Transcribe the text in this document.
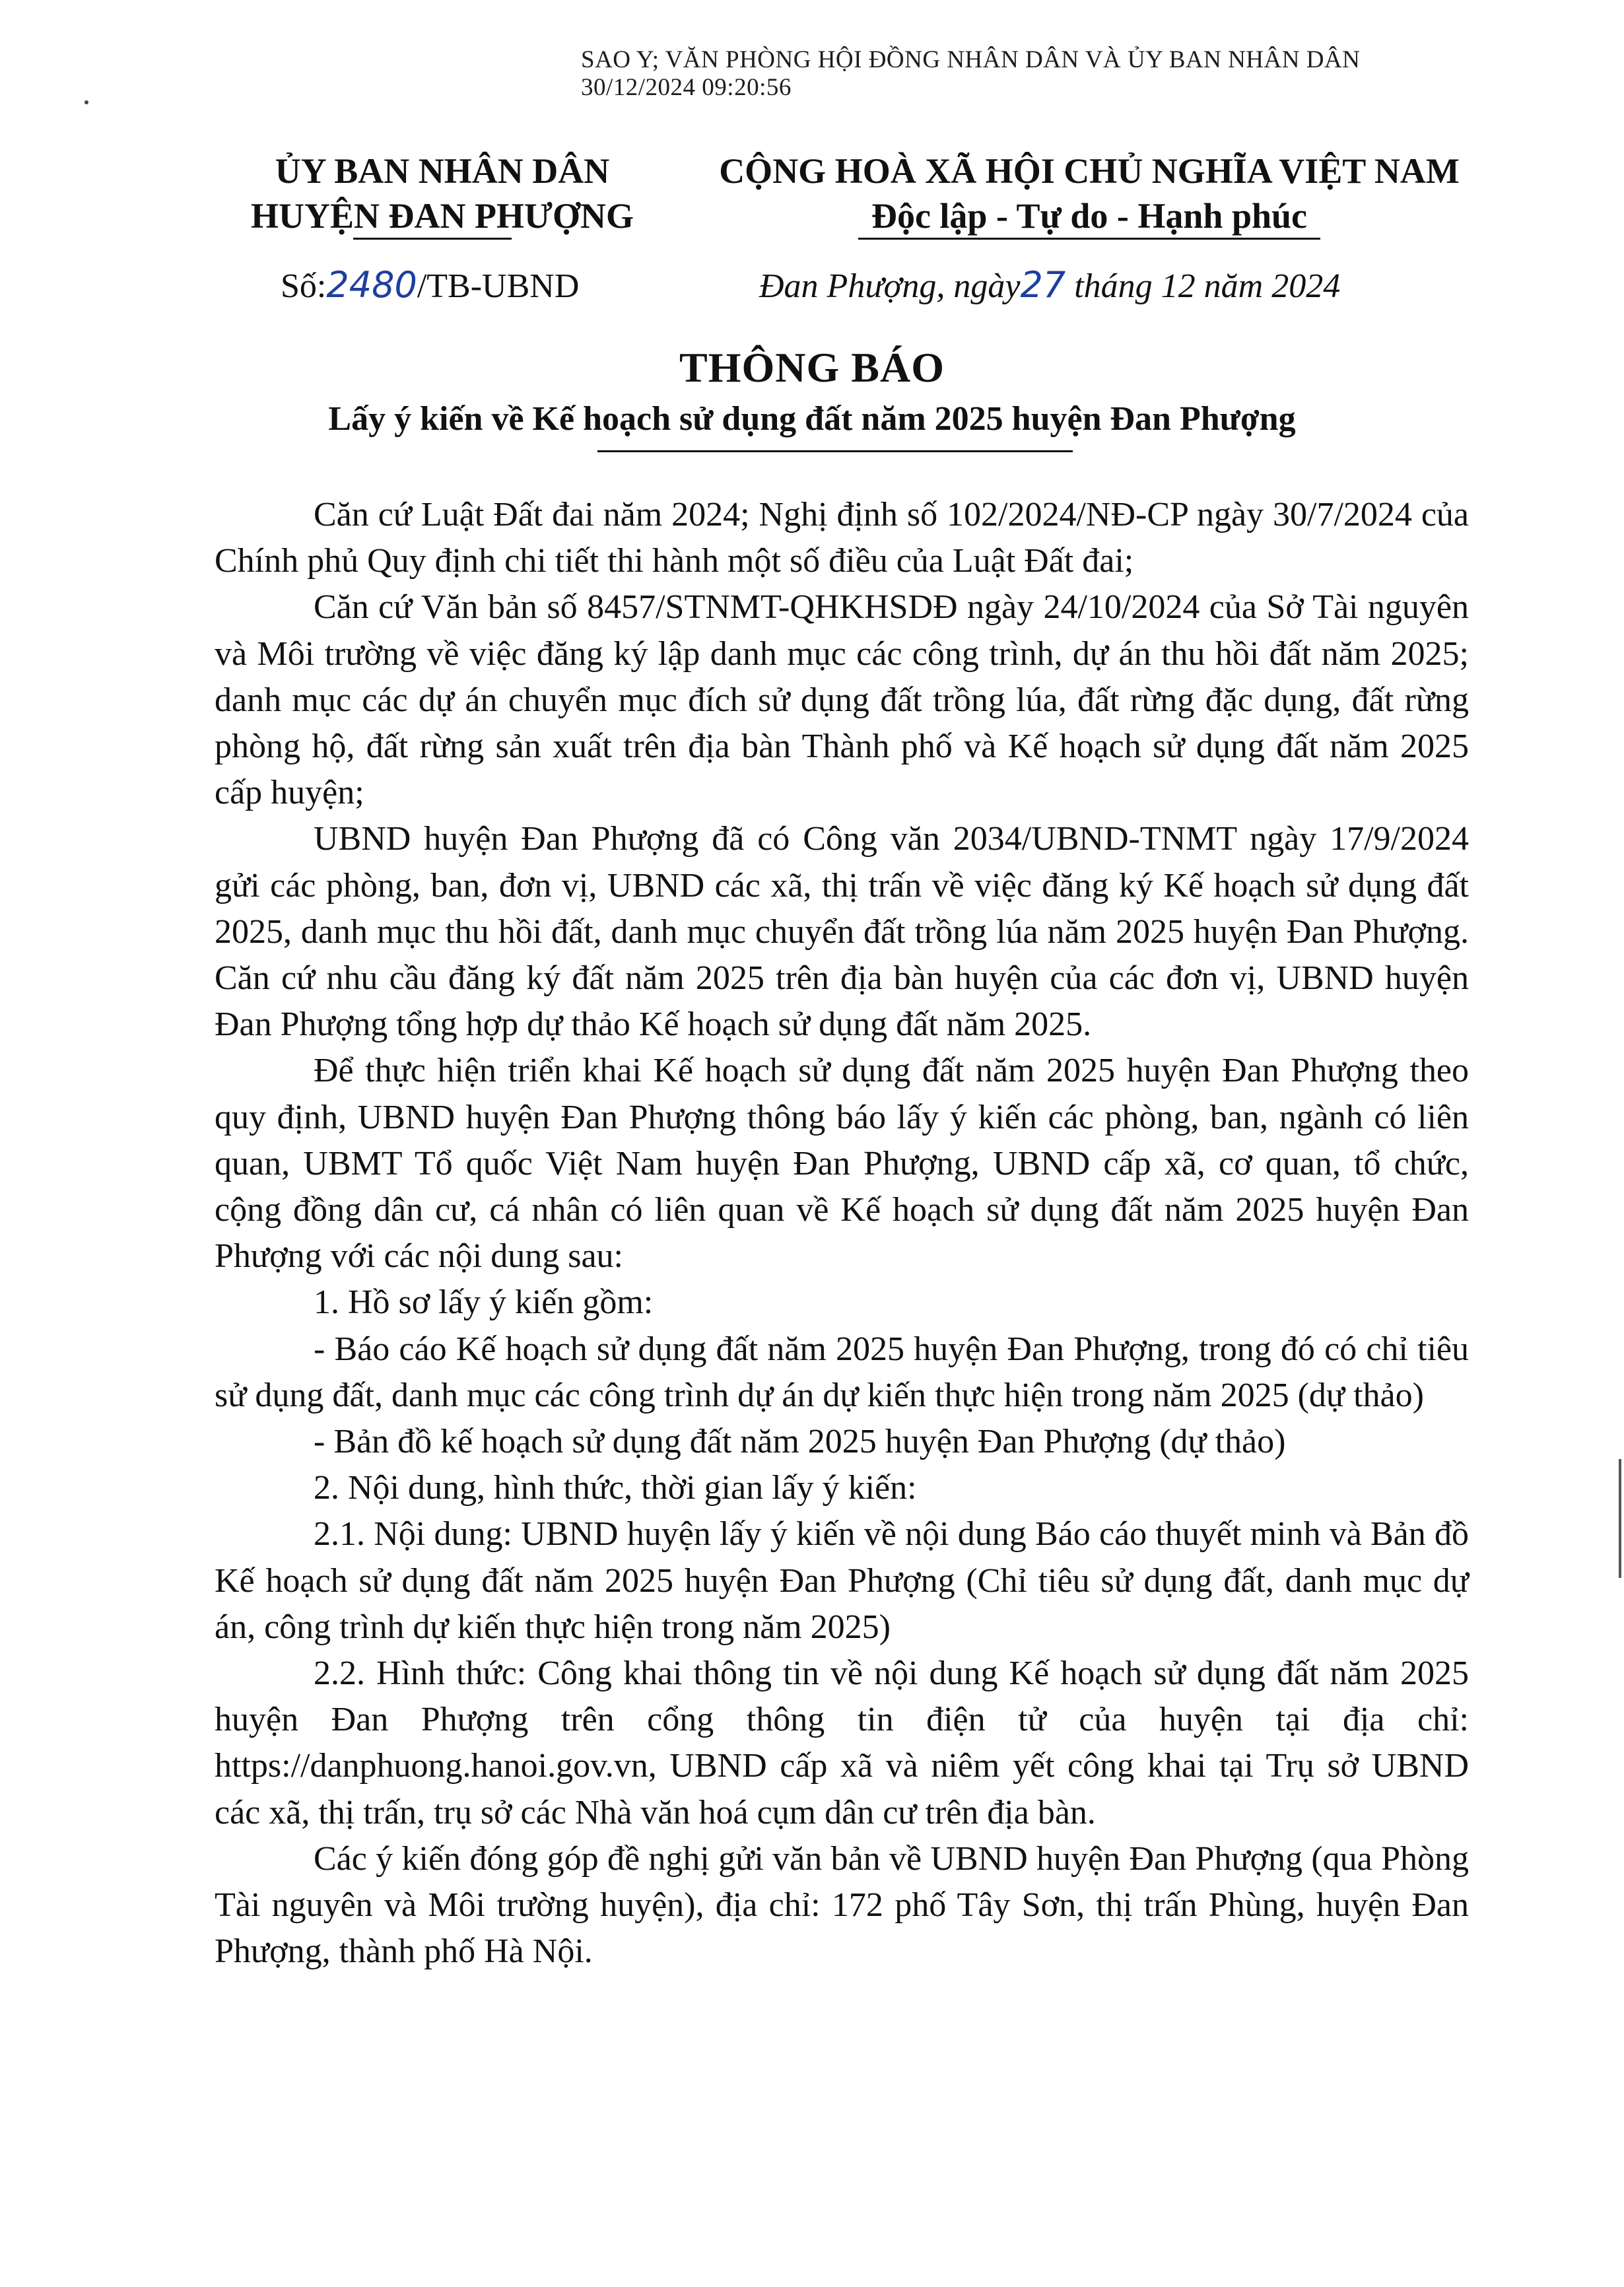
SAO Y; VĂN PHÒNG HỘI ĐỒNG NHÂN DÂN VÀ ỦY BAN NHÂN DÂN
30/12/2024 09:20:56
ỦY BAN NHÂN DÂN
HUYỆN ĐAN PHƯỢNG
CỘNG HOÀ XÃ HỘI CHỦ NGHĨA VIỆT NAM
Độc lập - Tự do - Hạnh phúc
Số:2480/TB-UBND	Đan Phượng, ngày27 tháng 12 năm 2024
THÔNG BÁO
Lấy ý kiến về Kế hoạch sử dụng đất năm 2025 huyện Đan Phượng

Căn cứ Luật Đất đai năm 2024; Nghị định số 102/2024/NĐ-CP ngày 30/7/2024 của Chính phủ Quy định chi tiết thi hành một số điều của Luật Đất đai;

Căn cứ Văn bản số 8457/STNMT-QHKHSDĐ ngày 24/10/2024 của Sở Tài nguyên và Môi trường về việc đăng ký lập danh mục các công trình, dự án thu hồi đất năm 2025; danh mục các dự án chuyển mục đích sử dụng đất trồng lúa, đất rừng đặc dụng, đất rừng phòng hộ, đất rừng sản xuất trên địa bàn Thành phố và Kế hoạch sử dụng đất năm 2025 cấp huyện;

UBND huyện Đan Phượng đã có Công văn 2034/UBND-TNMT ngày 17/9/2024 gửi các phòng, ban, đơn vị, UBND các xã, thị trấn về việc đăng ký Kế hoạch sử dụng đất 2025, danh mục thu hồi đất, danh mục chuyển đất trồng lúa năm 2025 huyện Đan Phượng. Căn cứ nhu cầu đăng ký đất năm 2025 trên địa bàn huyện của các đơn vị, UBND huyện Đan Phượng tổng hợp dự thảo Kế hoạch sử dụng đất năm 2025.

Để thực hiện triển khai Kế hoạch sử dụng đất năm 2025 huyện Đan Phượng theo quy định, UBND huyện Đan Phượng thông báo lấy ý kiến các phòng, ban, ngành có liên quan, UBMT Tổ quốc Việt Nam huyện Đan Phượng, UBND cấp xã, cơ quan, tổ chức, cộng đồng dân cư, cá nhân có liên quan về Kế hoạch sử dụng đất năm 2025 huyện Đan Phượng với các nội dung sau:

1. Hồ sơ lấy ý kiến gồm:

- Báo cáo Kế hoạch sử dụng đất năm 2025 huyện Đan Phượng, trong đó có chỉ tiêu sử dụng đất, danh mục các công trình dự án dự kiến thực hiện trong năm 2025 (dự thảo)

- Bản đồ kế hoạch sử dụng đất năm 2025 huyện Đan Phượng (dự thảo)

2. Nội dung, hình thức, thời gian lấy ý kiến:

2.1. Nội dung: UBND huyện lấy ý kiến về nội dung Báo cáo thuyết minh và Bản đồ Kế hoạch sử dụng đất năm 2025 huyện Đan Phượng (Chỉ tiêu sử dụng đất, danh mục dự án, công trình dự kiến thực hiện trong năm 2025)

2.2. Hình thức: Công khai thông tin về nội dung Kế hoạch sử dụng đất năm 2025 huyện Đan Phượng trên cổng thông tin điện tử của huyện tại địa chỉ: https://danphuong.hanoi.gov.vn, UBND cấp xã và niêm yết công khai tại Trụ sở UBND các xã, thị trấn, trụ sở các Nhà văn hoá cụm dân cư trên địa bàn.

Các ý kiến đóng góp đề nghị gửi văn bản về UBND huyện Đan Phượng (qua Phòng Tài nguyên và Môi trường huyện), địa chỉ: 172 phố Tây Sơn, thị trấn Phùng, huyện Đan Phượng, thành phố Hà Nội.
